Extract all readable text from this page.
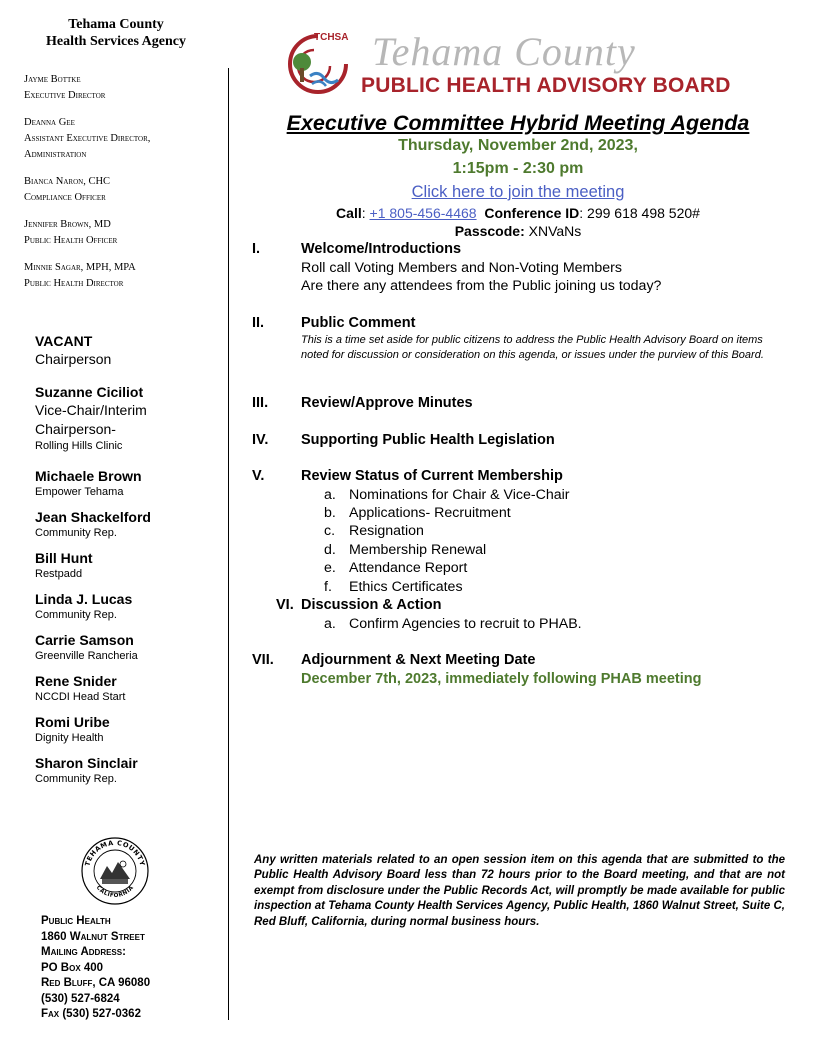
Tehama County
Health Services Agency
Jayme Bottke
Executive Director
Deanna Gee
Assistant Executive Director, Administration
Bianca Naron, CHC
Compliance Officer
Jennifer Brown, MD
Public Health Officer
Minnie Sagar, MPH, MPA
Public Health Director
VACANT
Chairperson
Suzanne Ciciliot
Vice-Chair/Interim Chairperson-
Rolling Hills Clinic
Michaele Brown
Empower Tehama
Jean Shackelford
Community Rep.
Bill Hunt
Restpadd
Linda J. Lucas
Community Rep.
Carrie Samson
Greenville Rancheria
Rene Snider
NCCDI Head Start
Romi Uribe
Dignity Health
Sharon Sinclair
Community Rep.
TEHAMA COUNTY
CALIFORNIA
Public Health
1860 Walnut Street
Mailing Address:
PO Box 400
Red Bluff, CA 96080
(530) 527-6824
Fax (530) 527-0362
TCHSA Tehama County
PUBLIC HEALTH ADVISORY BOARD
Executive Committee Hybrid Meeting Agenda
Thursday, November 2nd, 2023,
1:15pm - 2:30 pm
Click here to join the meeting
Call: +1 805-456-4468 Conference ID: 299 618 498 520#
Passcode: XNVaNs
I.	Welcome/Introductions
Roll call Voting Members and Non-Voting Members
Are there any attendees from the Public joining us today?
II.	Public Comment
This is a time set aside for public citizens to address the Public Health Advisory Board on items noted for discussion or consideration on this agenda, or issues under the purview of this Board.
III. Review/Approve Minutes
IV. Supporting Public Health Legislation
V.	Review Status of Current Membership
a. Nominations for Chair & Vice-Chair
b. Applications- Recruitment
c. Resignation
d. Membership Renewal
e. Attendance Report
f. Ethics Certificates
VI. Discussion & Action
a. Confirm Agencies to recruit to PHAB.
VII. Adjournment & Next Meeting Date
December 7th, 2023, immediately following PHAB meeting
Any written materials related to an open session item on this agenda that are submitted to the Public Health Advisory Board less than 72 hours prior to the Board meeting, and that are not exempt from disclosure under the Public Records Act, will promptly be made available for public inspection at Tehama County Health Services Agency, Public Health, 1860 Walnut Street, Suite C, Red Bluff, California, during normal business hours.
